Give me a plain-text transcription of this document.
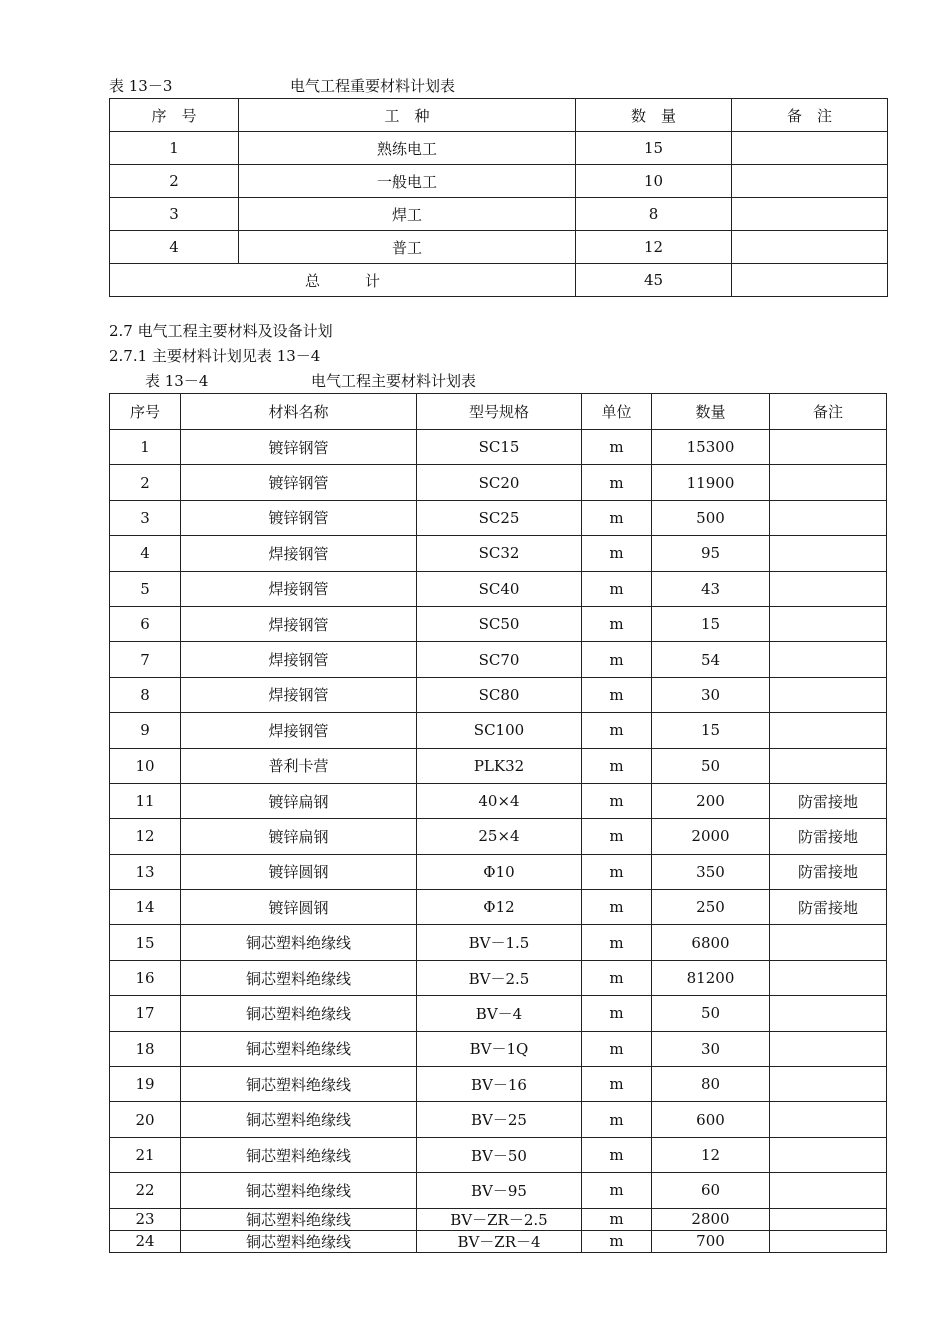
表 13－3	电气工程重要材料计划表
序　号	工　种	数　量	备　注
1	熟练电工	15	
2	一般电工	10	
3	焊工	8	
4	普工	12	
总　　　计		45	
2.7 电气工程主要材料及设备计划
2.7.1 主要材料计划见表 13－4
表 13－4	电气工程主要材料计划表
序号	材料名称	型号规格	单位	数量	备注
1	镀锌钢管	SC15	m	15300	
2	镀锌钢管	SC20	m	11900	
3	镀锌钢管	SC25	m	500	
4	焊接钢管	SC32	m	95	
5	焊接钢管	SC40	m	43	
6	焊接钢管	SC50	m	15	
7	焊接钢管	SC70	m	54	
8	焊接钢管	SC80	m	30	
9	焊接钢管	SC100	m	15	
10	普利卡营	PLK32	m	50	
11	镀锌扁钢	40×4	m	200	防雷接地
12	镀锌扁钢	25×4	m	2000	防雷接地
13	镀锌圆钢	Φ10	m	350	防雷接地
14	镀锌圆钢	Φ12	m	250	防雷接地
15	铜芯塑料绝缘线	BV－1.5	m	6800	
16	铜芯塑料绝缘线	BV－2.5	m	81200	
17	铜芯塑料绝缘线	BV－4	m	50	
18	铜芯塑料绝缘线	BV－1Q	m	30	
19	铜芯塑料绝缘线	BV－16	m	80	
20	铜芯塑料绝缘线	BV－25	m	600	
21	铜芯塑料绝缘线	BV－50	m	12	
22	铜芯塑料绝缘线	BV－95	m	60	
23	铜芯塑料绝缘线	BV－ZR－2.5	m	2800	
24	铜芯塑料绝缘线	BV－ZR－4	m	700	
